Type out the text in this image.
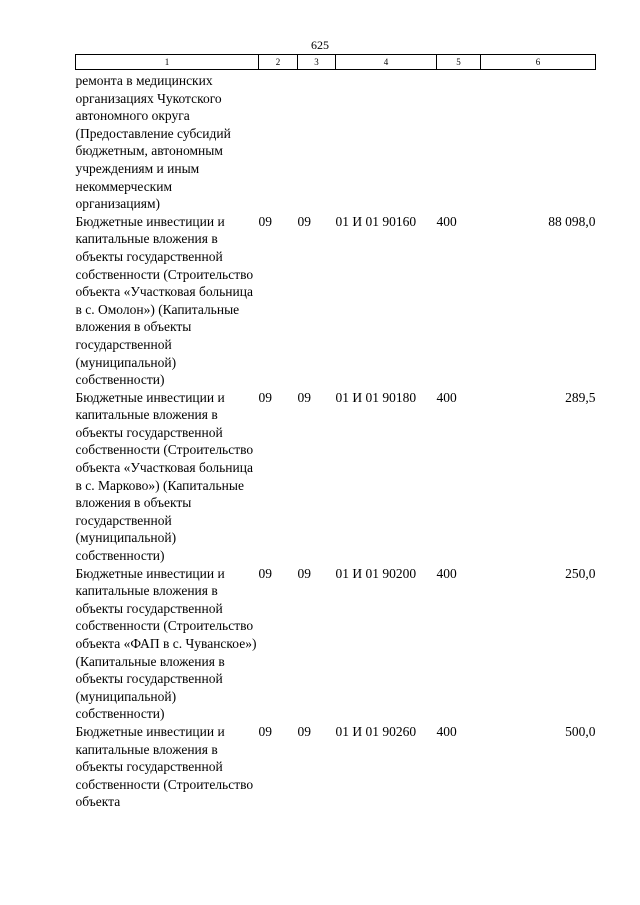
625
1	2	3	4	5	6
ремонта в медицинских организациях Чукотского автономного округа (Предоставление субсидий бюджетным, автономным учреждениям и иным некоммерческим организациям)					
Бюджетные инвестиции и капитальные вложения в объекты государственной собственности (Строительство объекта «Участковая больница в с. Омолон») (Капитальные вложения в объекты государственной (муниципальной) собственности)	09	09	01 И 01 90160	400	88 098,0
Бюджетные инвестиции и капитальные вложения в объекты государственной собственности (Строительство объекта «Участковая больница в с. Марково») (Капитальные вложения в объекты государственной (муниципальной) собственности)	09	09	01 И 01 90180	400	289,5
Бюджетные инвестиции и капитальные вложения в объекты государственной собственности (Строительство объекта «ФАП в с. Чуванское») (Капитальные вложения в объекты государственной (муниципальной) собственности)	09	09	01 И 01 90200	400	250,0
Бюджетные инвестиции и капитальные вложения в объекты государственной собственности (Строительство объекта	09	09	01 И 01 90260	400	500,0
